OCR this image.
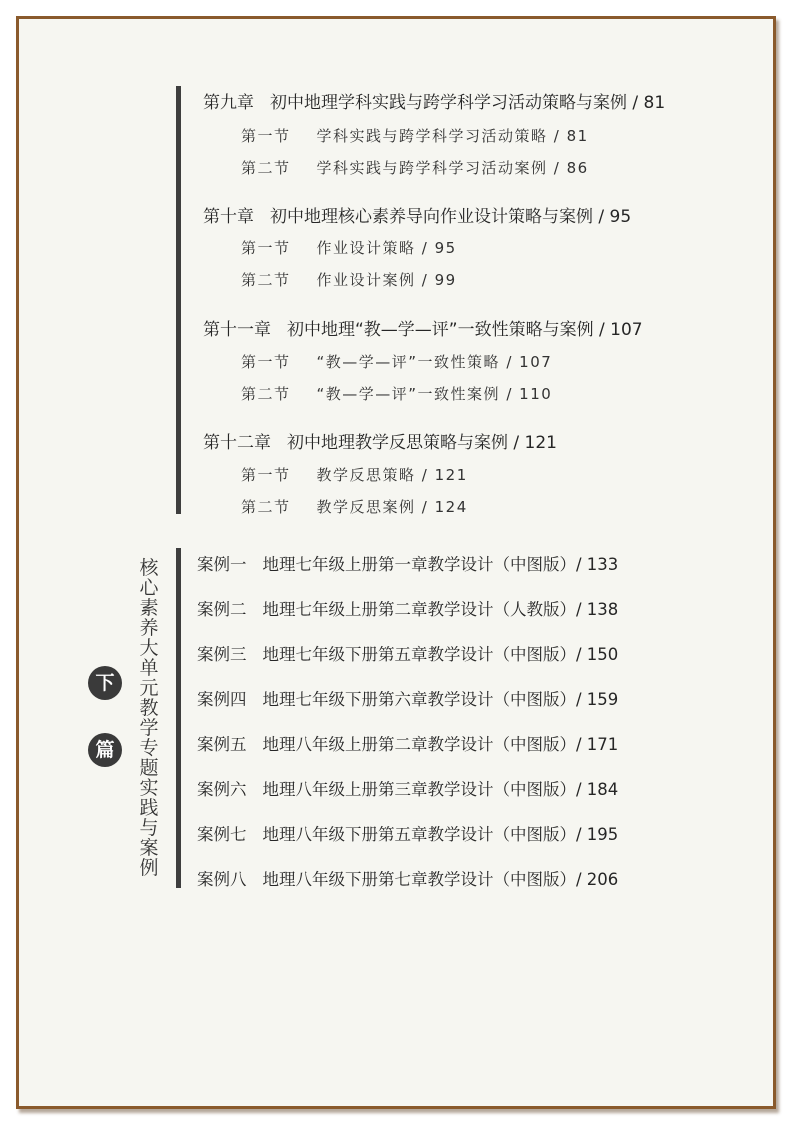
第九章 初中地理学科实践与跨学科学习活动策略与案例 / 81
第一节 学科实践与跨学科学习活动策略 / 81
第二节 学科实践与跨学科学习活动案例 / 86
第十章 初中地理核心素养导向作业设计策略与案例 / 95
第一节 作业设计策略 / 95
第二节 作业设计案例 / 99
第十一章 初中地理“教—学—评”一致性策略与案例 / 107
第一节 “教—学—评”一致性策略 / 107
第二节 “教—学—评”一致性案例 / 110
第十二章 初中地理教学反思策略与案例 / 121
第一节 教学反思策略 / 121
第二节 教学反思案例 / 124
核心素养大单元教学专题实践与案例
下
篇
案例一 地理七年级上册第一章教学设计（中图版）/ 133
案例二 地理七年级上册第二章教学设计（人教版）/ 138
案例三 地理七年级下册第五章教学设计（中图版）/ 150
案例四 地理七年级下册第六章教学设计（中图版）/ 159
案例五 地理八年级上册第二章教学设计（中图版）/ 171
案例六 地理八年级上册第三章教学设计（中图版）/ 184
案例七 地理八年级下册第五章教学设计（中图版）/ 195
案例八 地理八年级下册第七章教学设计（中图版）/ 206
